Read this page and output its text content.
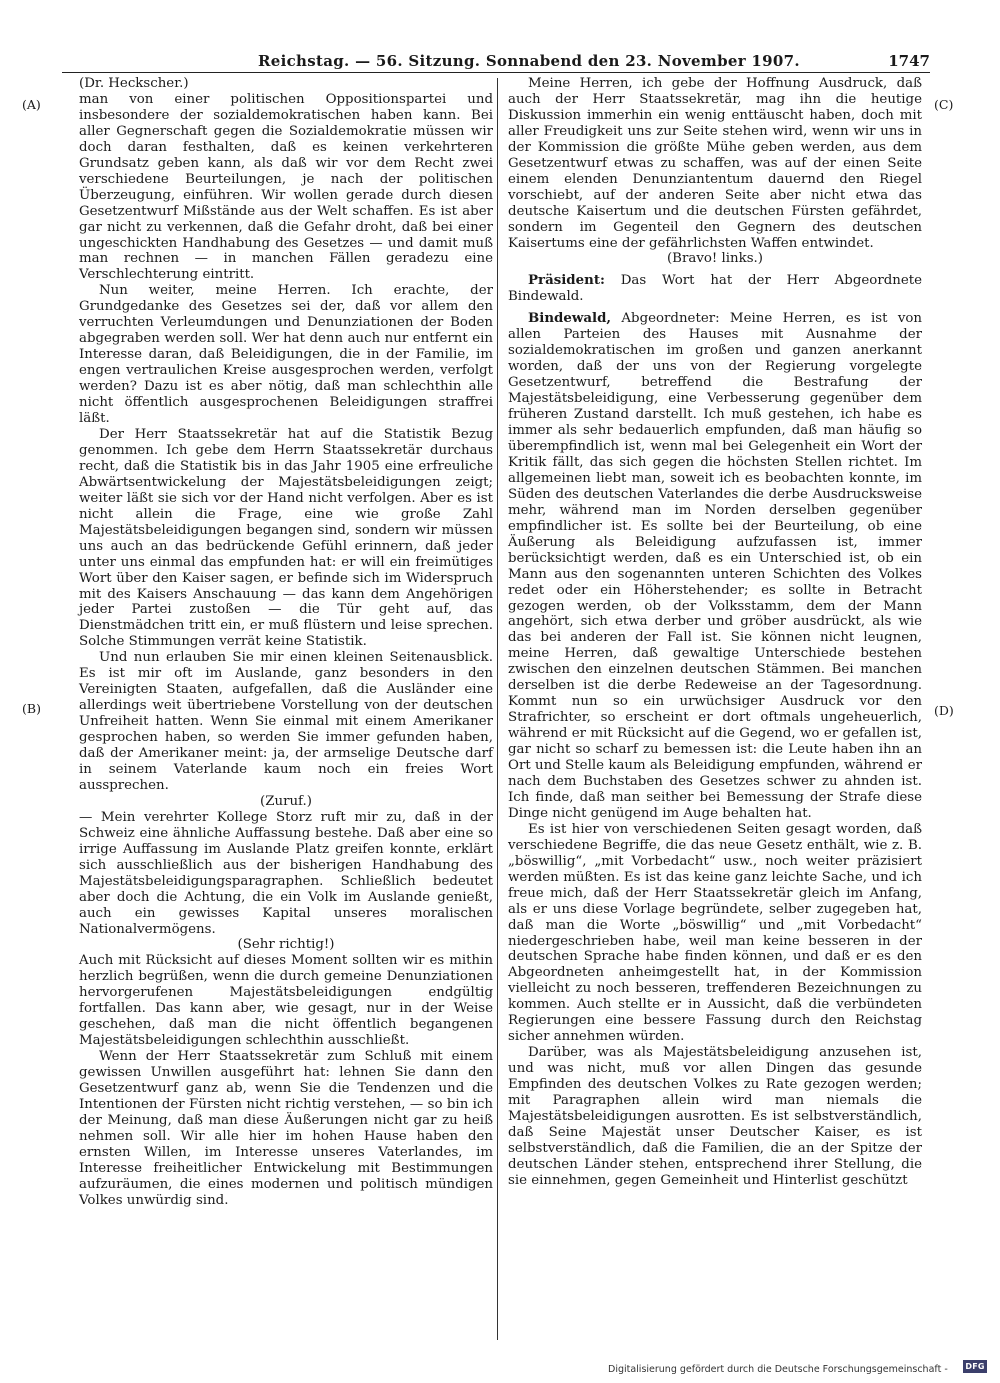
Reichstag. — 56. Sitzung. Sonnabend den 23. November 1907.	1747
(A)
(B)
(C)
(D)

(Dr. Heckscher.)

man von einer politischen Oppositionspartei und insbesondere der sozialdemokratischen haben kann. Bei aller Gegnerschaft gegen die Sozialdemokratie müssen wir doch daran festhalten, daß es keinen verkehrteren Grundsatz geben kann, als daß wir vor dem Recht zwei verschiedene Beurteilungen, je nach der politischen Überzeugung, einführen. Wir wollen gerade durch diesen Gesetzentwurf Mißstände aus der Welt schaffen. Es ist aber gar nicht zu verkennen, daß die Gefahr droht, daß bei einer ungeschickten Handhabung des Gesetzes — und damit muß man rechnen — in manchen Fällen geradezu eine Verschlechterung eintritt.

Nun weiter, meine Herren. Ich erachte, der Grundgedanke des Gesetzes sei der, daß vor allem den verruchten Verleumdungen und Denunziationen der Boden abgegraben werden soll. Wer hat denn auch nur entfernt ein Interesse daran, daß Beleidigungen, die in der Familie, im engen vertraulichen Kreise ausgesprochen werden, verfolgt werden? Dazu ist es aber nötig, daß man schlechthin alle nicht öffentlich ausgesprochenen Beleidigungen straffrei läßt.

Der Herr Staatssekretär hat auf die Statistik Bezug genommen. Ich gebe dem Herrn Staatssekretär durchaus recht, daß die Statistik bis in das Jahr 1905 eine erfreuliche Abwärtsentwickelung der Majestätsbeleidigungen zeigt; weiter läßt sie sich vor der Hand nicht verfolgen. Aber es ist nicht allein die Frage, eine wie große Zahl Majestätsbeleidigungen begangen sind, sondern wir müssen uns auch an das bedrückende Gefühl erinnern, daß jeder unter uns einmal das empfunden hat: er will ein freimütiges Wort über den Kaiser sagen, er befinde sich im Widerspruch mit des Kaisers Anschauung — das kann dem Angehörigen jeder Partei zustoßen — die Tür geht auf, das Dienstmädchen tritt ein, er muß flüstern und leise sprechen. Solche Stimmungen verrät keine Statistik.

Und nun erlauben Sie mir einen kleinen Seitenausblick. Es ist mir oft im Auslande, ganz besonders in den Vereinigten Staaten, aufgefallen, daß die Ausländer eine allerdings weit übertriebene Vorstellung von der deutschen Unfreiheit hatten. Wenn Sie einmal mit einem Amerikaner gesprochen haben, so werden Sie immer gefunden haben, daß der Amerikaner meint: ja, der armselige Deutsche darf in seinem Vaterlande kaum noch ein freies Wort aussprechen.

(Zuruf.)

— Mein verehrter Kollege Storz ruft mir zu, daß in der Schweiz eine ähnliche Auffassung bestehe. Daß aber eine so irrige Auffassung im Auslande Platz greifen konnte, erklärt sich ausschließlich aus der bisherigen Handhabung des Majestätsbeleidigungsparagraphen. Schließlich bedeutet aber doch die Achtung, die ein Volk im Auslande genießt, auch ein gewisses Kapital unseres moralischen Nationalvermögens.

(Sehr richtig!)

Auch mit Rücksicht auf dieses Moment sollten wir es mithin herzlich begrüßen, wenn die durch gemeine Denunziationen hervorgerufenen Majestätsbeleidigungen endgültig fortfallen. Das kann aber, wie gesagt, nur in der Weise geschehen, daß man die nicht öffentlich begangenen Majestätsbeleidigungen schlechthin ausschließt.

Wenn der Herr Staatssekretär zum Schluß mit einem gewissen Unwillen ausgeführt hat: lehnen Sie dann den Gesetzentwurf ganz ab, wenn Sie die Tendenzen und die Intentionen der Fürsten nicht richtig verstehen, — so bin ich der Meinung, daß man diese Äußerungen nicht gar zu heiß nehmen soll. Wir alle hier im hohen Hause haben den ernsten Willen, im Interesse unseres Vaterlandes, im Interesse freiheitlicher Entwickelung mit Bestimmungen aufzuräumen, die eines modernen und politisch mündigen Volkes unwürdig sind.

Meine Herren, ich gebe der Hoffnung Ausdruck, daß auch der Herr Staatssekretär, mag ihn die heutige Diskussion immerhin ein wenig enttäuscht haben, doch mit aller Freudigkeit uns zur Seite stehen wird, wenn wir uns in der Kommission die größte Mühe geben werden, aus dem Gesetzentwurf etwas zu schaffen, was auf der einen Seite einem elenden Denunziantentum dauernd den Riegel vorschiebt, auf der anderen Seite aber nicht etwa das deutsche Kaisertum und die deutschen Fürsten gefährdet, sondern im Gegenteil den Gegnern des deutschen Kaisertums eine der gefährlichsten Waffen entwindet.

(Bravo! links.)

Präsident: Das Wort hat der Herr Abgeordnete Bindewald.

Bindewald, Abgeordneter: Meine Herren, es ist von allen Parteien des Hauses mit Ausnahme der sozialdemokratischen im großen und ganzen anerkannt worden, daß der uns von der Regierung vorgelegte Gesetzentwurf, betreffend die Bestrafung der Majestätsbeleidigung, eine Verbesserung gegenüber dem früheren Zustand darstellt. Ich muß gestehen, ich habe es immer als sehr bedauerlich empfunden, daß man häufig so überempfindlich ist, wenn mal bei Gelegenheit ein Wort der Kritik fällt, das sich gegen die höchsten Stellen richtet. Im allgemeinen liebt man, soweit ich es beobachten konnte, im Süden des deutschen Vaterlandes die derbe Ausdrucksweise mehr, während man im Norden derselben gegenüber empfindlicher ist. Es sollte bei der Beurteilung, ob eine Äußerung als Beleidigung aufzufassen ist, immer berücksichtigt werden, daß es ein Unterschied ist, ob ein Mann aus den sogenannten unteren Schichten des Volkes redet oder ein Höherstehender; es sollte in Betracht gezogen werden, ob der Volksstamm, dem der Mann angehört, sich etwa derber und gröber ausdrückt, als wie das bei anderen der Fall ist. Sie können nicht leugnen, meine Herren, daß gewaltige Unterschiede bestehen zwischen den einzelnen deutschen Stämmen. Bei manchen derselben ist die derbe Redeweise an der Tagesordnung. Kommt nun so ein urwüchsiger Ausdruck vor den Strafrichter, so erscheint er dort oftmals ungeheuerlich, während er mit Rücksicht auf die Gegend, wo er gefallen ist, gar nicht so scharf zu bemessen ist: die Leute haben ihn an Ort und Stelle kaum als Beleidigung empfunden, während er nach dem Buchstaben des Gesetzes schwer zu ahnden ist. Ich finde, daß man seither bei Bemessung der Strafe diese Dinge nicht genügend im Auge behalten hat.

Es ist hier von verschiedenen Seiten gesagt worden, daß verschiedene Begriffe, die das neue Gesetz enthält, wie z. B. „böswillig“, „mit Vorbedacht“ usw., noch weiter präzisiert werden müßten. Es ist das keine ganz leichte Sache, und ich freue mich, daß der Herr Staatssekretär gleich im Anfang, als er uns diese Vorlage begründete, selber zugegeben hat, daß man die Worte „böswillig“ und „mit Vorbedacht“ niedergeschrieben habe, weil man keine besseren in der deutschen Sprache habe finden können, und daß er es den Abgeordneten anheimgestellt hat, in der Kommission vielleicht zu noch besseren, treffenderen Bezeichnungen zu kommen. Auch stellte er in Aussicht, daß die verbündeten Regierungen eine bessere Fassung durch den Reichstag sicher annehmen würden.

Darüber, was als Majestätsbeleidigung anzusehen ist, und was nicht, muß vor allen Dingen das gesunde Empfinden des deutschen Volkes zu Rate gezogen werden; mit Paragraphen allein wird man niemals die Majestätsbeleidigungen ausrotten. Es ist selbstverständlich, daß Seine Majestät unser Deutscher Kaiser, es ist selbstverständlich, daß die Familien, die an der Spitze der deutschen Länder stehen, entsprechend ihrer Stellung, die sie einnehmen, gegen Gemeinheit und Hinterlist geschützt

Digitalisierung gefördert durch die Deutsche Forschungsgemeinschaft - DFG
